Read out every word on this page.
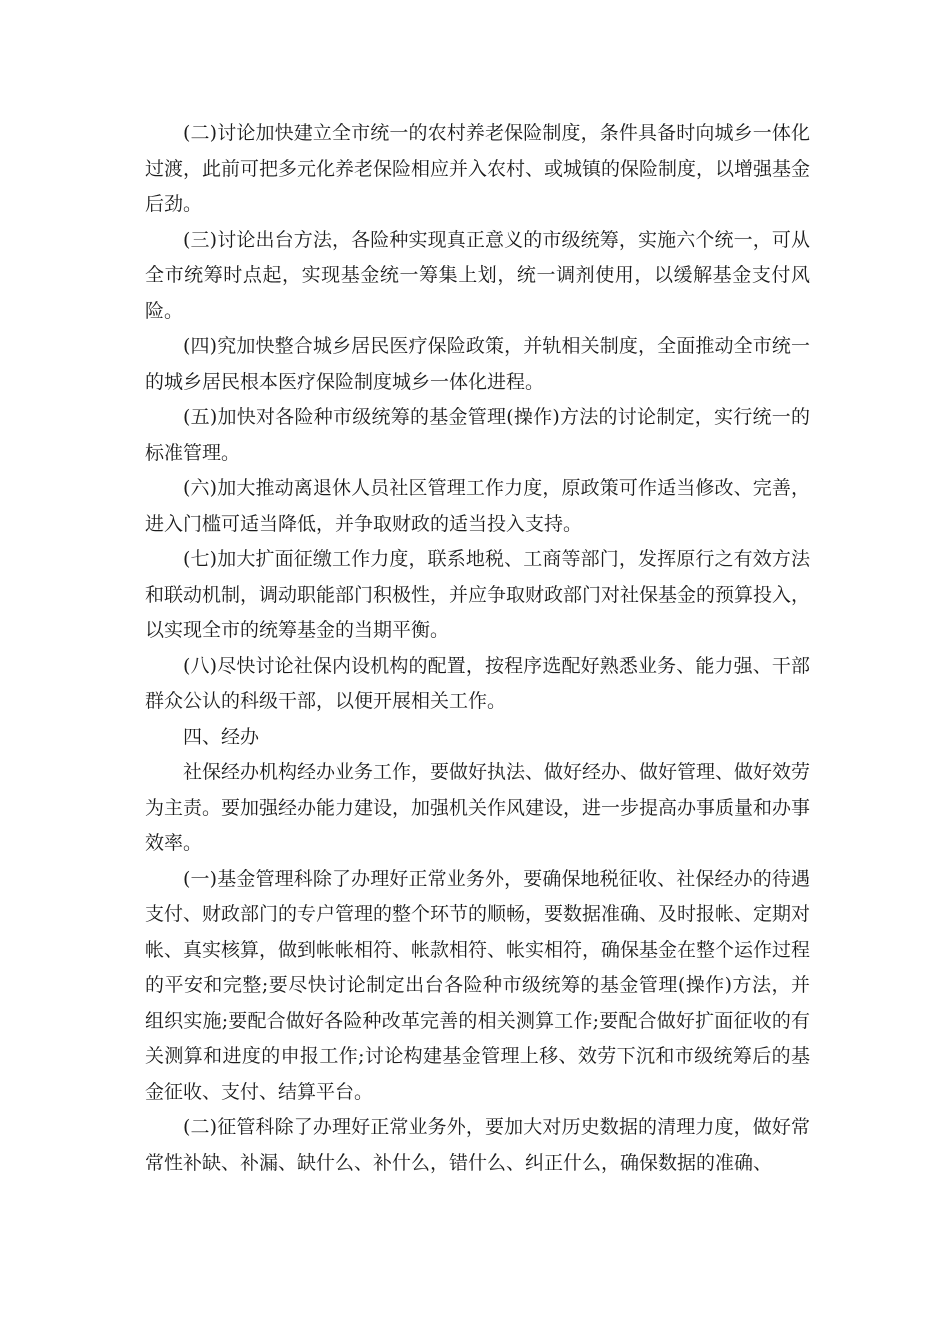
(二)讨论加快建立全市统一的农村养老保险制度，条件具备时向城乡一体化过渡，此前可把多元化养老保险相应并入农村、或城镇的保险制度，以增强基金后劲。

(三)讨论出台方法，各险种实现真正意义的市级统筹，实施六个统一，可从全市统筹时点起，实现基金统一筹集上划，统一调剂使用，以缓解基金支付风险。

(四)究加快整合城乡居民医疗保险政策，并轨相关制度，全面推动全市统一的城乡居民根本医疗保险制度城乡一体化进程。

(五)加快对各险种市级统筹的基金管理(操作)方法的讨论制定，实行统一的标准管理。

(六)加大推动离退休人员社区管理工作力度，原政策可作适当修改、完善，进入门槛可适当降低，并争取财政的适当投入支持。

(七)加大扩面征缴工作力度，联系地税、工商等部门，发挥原行之有效方法和联动机制，调动职能部门积极性，并应争取财政部门对社保基金的预算投入，以实现全市的统筹基金的当期平衡。

(八)尽快讨论社保内设机构的配置，按程序选配好熟悉业务、能力强、干部群众公认的科级干部，以便开展相关工作。

四、经办

社保经办机构经办业务工作，要做好执法、做好经办、做好管理、做好效劳为主责。要加强经办能力建设，加强机关作风建设，进一步提高办事质量和办事效率。

(一)基金管理科除了办理好正常业务外，要确保地税征收、社保经办的待遇支付、财政部门的专户管理的整个环节的顺畅，要数据准确、及时报帐、定期对帐、真实核算，做到帐帐相符、帐款相符、帐实相符，确保基金在整个运作过程的平安和完整;要尽快讨论制定出台各险种市级统筹的基金管理(操作)方法，并组织实施;要配合做好各险种改革完善的相关测算工作;要配合做好扩面征收的有关测算和进度的申报工作;讨论构建基金管理上移、效劳下沉和市级统筹后的基金征收、支付、结算平台。

(二)征管科除了办理好正常业务外，要加大对历史数据的清理力度，做好常常性补缺、补漏、缺什么、补什么，错什么、纠正什么，确保数据的准确、
